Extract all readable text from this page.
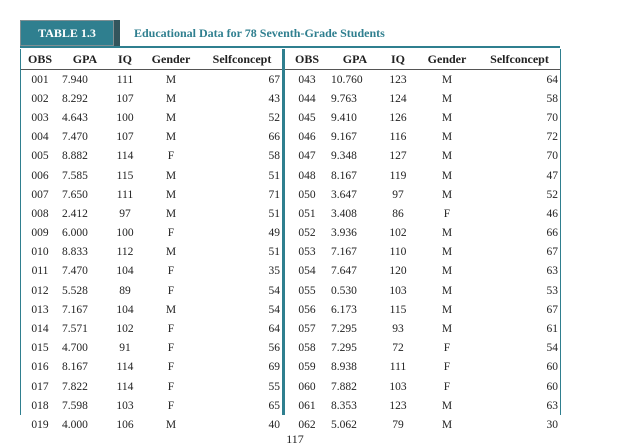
TABLE 1.3	Educational Data for 78 Seventh-Grade Students
OBS	GPA	IQ	Gender	Selfconcept
001	7.940	111	M	67
002	8.292	107	M	43
003	4.643	100	M	52
004	7.470	107	M	66
005	8.882	114	F	58
006	7.585	115	M	51
007	7.650	111	M	71
008	2.412	97	M	51
009	6.000	100	F	49
010	8.833	112	M	51
011	7.470	104	F	35
012	5.528	89	F	54
013	7.167	104	M	54
014	7.571	102	F	64
015	4.700	91	F	56
016	8.167	114	F	69
017	7.822	114	F	55
018	7.598	103	F	65
019	4.000	106	M	40
OBS	GPA	IQ	Gender	Selfconcept
043	10.760	123	M	64
044	9.763	124	M	58
045	9.410	126	M	70
046	9.167	116	M	72
047	9.348	127	M	70
048	8.167	119	M	47
050	3.647	97	M	52
051	3.408	86	F	46
052	3.936	102	M	66
053	7.167	110	M	67
054	7.647	120	M	63
055	0.530	103	M	53
056	6.173	115	M	67
057	7.295	93	M	61
058	7.295	72	F	54
059	8.938	111	F	60
060	7.882	103	F	60
061	8.353	123	M	63
062	5.062	79	M	30
117
